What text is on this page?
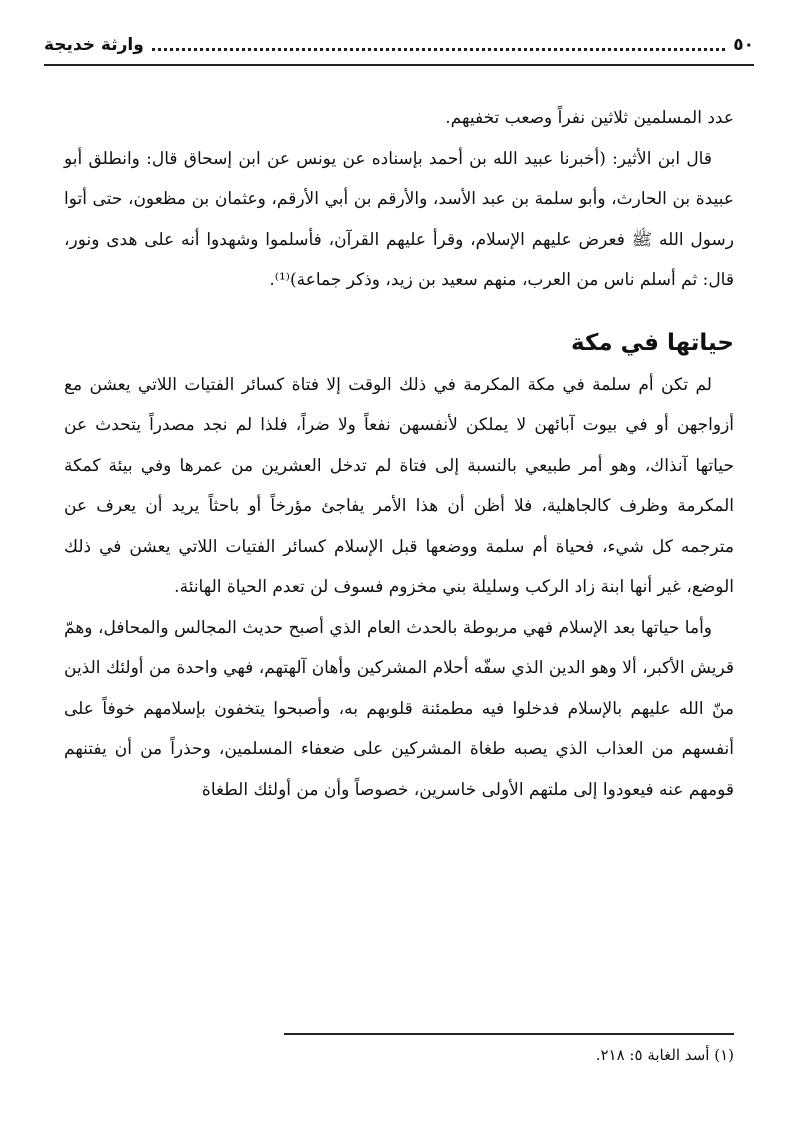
وارثة خديجة	٥٠

عدد المسلمين ثلاثين نفراً وصعب تخفيهم.

قال ابن الأثير: (أخبرنا عبيد الله بن أحمد بإسناده عن يونس عن ابن إسحاق قال: وانطلق أبو عبيدة بن الحارث، وأبو سلمة بن عبد الأسد، والأرقم بن أبي الأرقم، وعثمان بن مظعون، حتى أتوا رسول الله ﷺ فعرض عليهم الإسلام، وقرأ عليهم القرآن، فأسلموا وشهدوا أنه على هدى ونور، قال: ثم أسلم ناس من العرب، منهم سعيد بن زيد، وذكر جماعة)⁽¹⁾.

حياتها في مكة

لم تكن أم سلمة في مكة المكرمة في ذلك الوقت إلا فتاة كسائر الفتيات اللاتي يعشن مع أزواجهن أو في بيوت آبائهن لا يملكن لأنفسهن نفعاً ولا ضراً، فلذا لم نجد مصدراً يتحدث عن حياتها آنذاك، وهو أمر طبيعي بالنسبة إلى فتاة لم تدخل العشرين من عمرها وفي بيئة كمكة المكرمة وظرف كالجاهلية، فلا أظن أن هذا الأمر يفاجئ مؤرخاً أو باحثاً يريد أن يعرف عن مترجمه كل شيء، فحياة أم سلمة ووضعها قبل الإسلام كسائر الفتيات اللاتي يعشن في ذلك الوضع، غير أنها ابنة زاد الركب وسليلة بني مخزوم فسوف لن تعدم الحياة الهانئة.

وأما حياتها بعد الإسلام فهي مربوطة بالحدث العام الذي أصبح حديث المجالس والمحافل، وهمّ قريش الأكبر، ألا وهو الدين الذي سفّه أحلام المشركين وأهان آلهتهم، فهي واحدة من أولئك الذين منّ الله عليهم بالإسلام فدخلوا فيه مطمئنة قلوبهم به، وأصبحوا يتخفون بإسلامهم خوفاً على أنفسهم من العذاب الذي يصبه طغاة المشركين على ضعفاء المسلمين، وحذراً من أن يفتنهم قومهم عنه فيعودوا إلى ملتهم الأولى خاسرين، خصوصاً وأن من أولئك الطغاة

(١) أسد الغابة ٥: ٢١٨.
